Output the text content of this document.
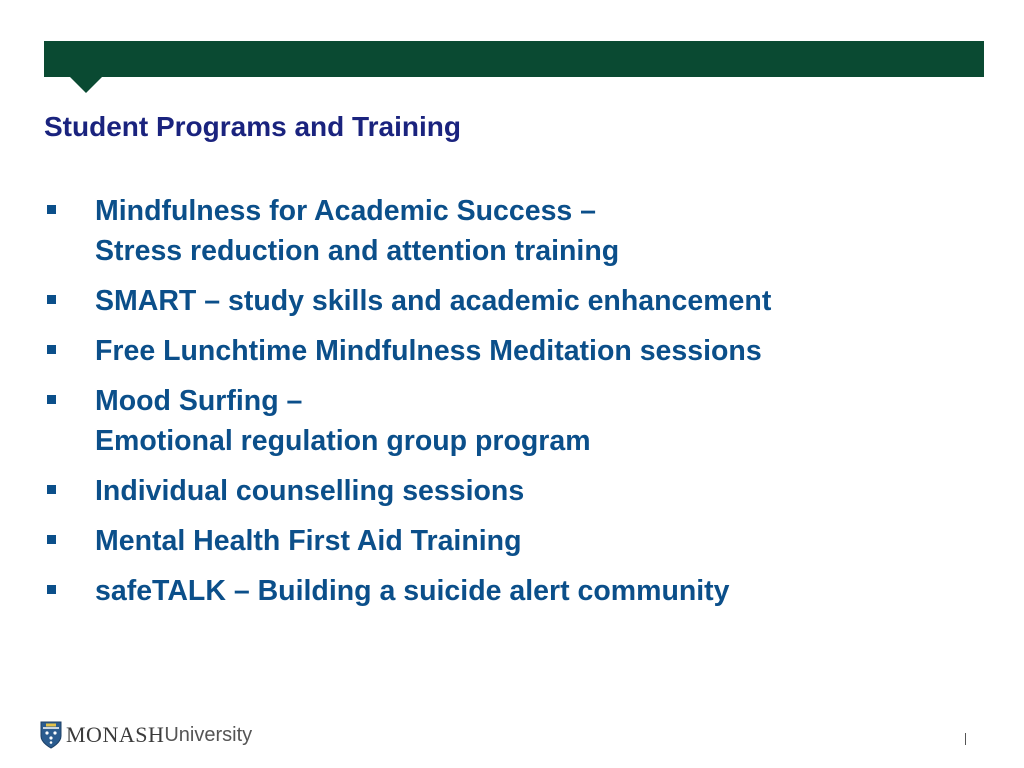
Student Programs and Training
Mindfulness for Academic Success –
Stress reduction and attention training
SMART – study skills and academic enhancement
Free Lunchtime Mindfulness Meditation sessions
Mood Surfing –
Emotional regulation group program
Individual counselling sessions
Mental Health First Aid Training
safeTALK – Building a suicide alert community
MONASH University
